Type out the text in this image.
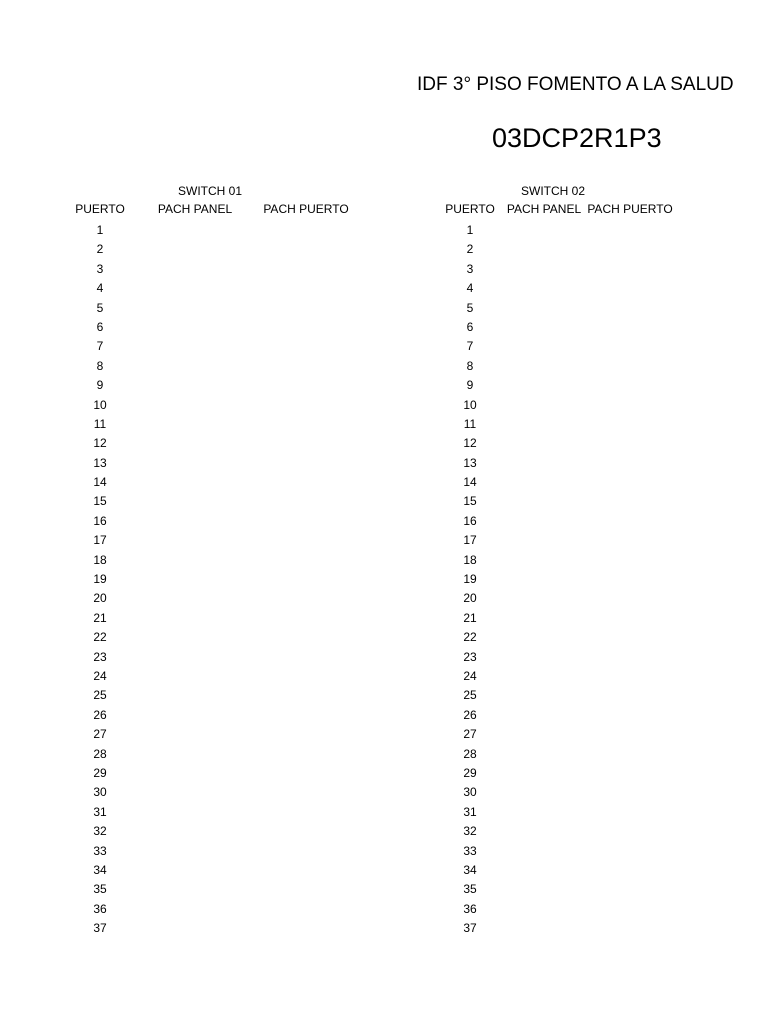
IDF 3° PISO FOMENTO A LA SALUD
03DCP2R1P3
SWITCH 01
PUERTO	PACH PANEL	PACH PUERTO
1
2
3
4
5
6
7
8
9
10
11
12
13
14
15
16
17
18
19
20
21
22
23
24
25
26
27
28
29
30
31
32
33
34
35
36
37
SWITCH 02
PUERTO PACH PANEL PACH PUERTO
1
2
3
4
5
6
7
8
9
10
11
12
13
14
15
16
17
18
19
20
21
22
23
24
25
26
27
28
29
30
31
32
33
34
35
36
37
